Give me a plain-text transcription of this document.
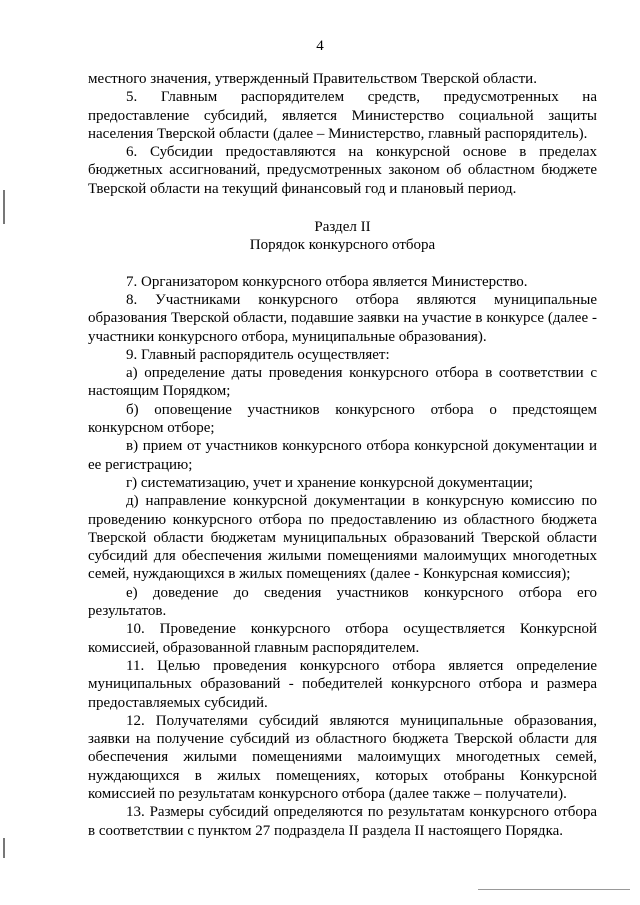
4

местного значения, утвержденный Правительством Тверской области.

5. Главным распорядителем средств, предусмотренных на предоставление субсидий, является Министерство социальной защиты населения Тверской области (далее – Министерство, главный распорядитель).

6. Субсидии предоставляются на конкурсной основе в пределах бюджетных ассигнований, предусмотренных законом об областном бюджете Тверской области на текущий финансовый год и плановый период.

Раздел II
Порядок конкурсного отбора

7. Организатором конкурсного отбора является Министерство.

8. Участниками конкурсного отбора являются муниципальные образования Тверской области, подавшие заявки на участие в конкурсе (далее - участники конкурсного отбора, муниципальные образования).

9. Главный распорядитель осуществляет:

а) определение даты проведения конкурсного отбора в соответствии с настоящим Порядком;

б) оповещение участников конкурсного отбора о предстоящем конкурсном отборе;

в) прием от участников конкурсного отбора конкурсной документации и ее регистрацию;

г) систематизацию, учет и хранение конкурсной документации;

д) направление конкурсной документации в конкурсную комиссию по проведению конкурсного отбора по предоставлению из областного бюджета Тверской области бюджетам муниципальных образований Тверской области субсидий для обеспечения жилыми помещениями малоимущих многодетных семей, нуждающихся в жилых помещениях (далее - Конкурсная комиссия);

е) доведение до сведения участников конкурсного отбора его результатов.

10. Проведение конкурсного отбора осуществляется Конкурсной комиссией, образованной главным распорядителем.

11. Целью проведения конкурсного отбора является определение муниципальных образований - победителей конкурсного отбора и размера предоставляемых субсидий.

12. Получателями субсидий являются муниципальные образования, заявки на получение субсидий из областного бюджета Тверской области для обеспечения жилыми помещениями малоимущих многодетных семей, нуждающихся в жилых помещениях, которых отобраны Конкурсной комиссией по результатам конкурсного отбора (далее также – получатели).

13. Размеры субсидий определяются по результатам конкурсного отбора в соответствии с пунктом 27 подраздела II раздела II настоящего Порядка.
